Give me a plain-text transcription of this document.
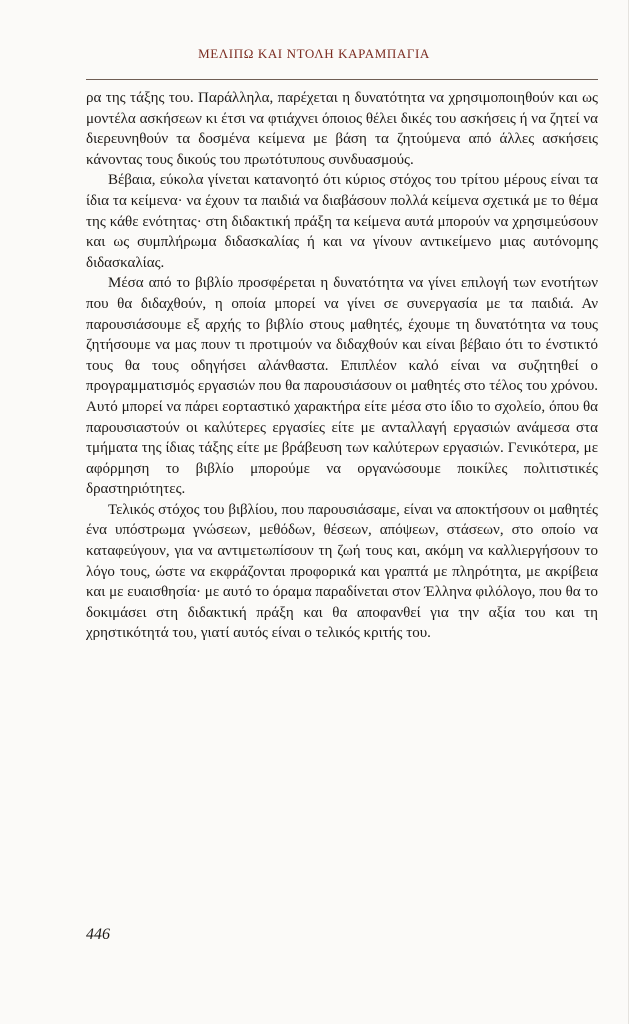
ΜΕΛΙΠΩ ΚΑΙ ΝΤΟΛΗ ΚΑΡΑΜΠΑΓΙΑ

ρα της τάξης του. Παράλληλα, παρέχεται η δυνατότητα να χρησιμοποιηθούν και ως μοντέλα ασκήσεων κι έτσι να φτιάχνει όποιος θέλει δικές του ασκήσεις ή να ζητεί να διερευνηθούν τα δοσμένα κείμενα με βάση τα ζητούμενα από άλλες ασκήσεις κάνοντας τους δικούς του πρωτότυπους συνδυασμούς.

Βέβαια, εύκολα γίνεται κατανοητό ότι κύριος στόχος του τρίτου μέρους είναι τα ίδια τα κείμενα· να έχουν τα παιδιά να διαβάσουν πολλά κείμενα σχετικά με το θέμα της κάθε ενότητας· στη διδακτική πράξη τα κείμενα αυτά μπορούν να χρησιμεύσουν και ως συμπλήρωμα διδασκαλίας ή και να γίνουν αντικείμενο μιας αυτόνομης διδασκαλίας.

Μέσα από το βιβλίο προσφέρεται η δυνατότητα να γίνει επιλογή των ενοτήτων που θα διδαχθούν, η οποία μπορεί να γίνει σε συνεργασία με τα παιδιά. Αν παρουσιάσουμε εξ αρχής το βιβλίο στους μαθητές, έχουμε τη δυνατότητα να τους ζητήσουμε να μας πουν τι προτιμούν να διδαχθούν και είναι βέβαιο ότι το ένστικτό τους θα τους οδηγήσει αλάνθαστα. Επιπλέον καλό είναι να συζητηθεί ο προγραμματισμός εργασιών που θα παρουσιάσουν οι μαθητές στο τέλος του χρόνου. Αυτό μπορεί να πάρει εορταστικό χαρακτήρα είτε μέσα στο ίδιο το σχολείο, όπου θα παρουσιαστούν οι καλύτερες εργασίες είτε με ανταλλαγή εργασιών ανάμεσα στα τμήματα της ίδιας τάξης είτε με βράβευση των καλύτερων εργασιών. Γενικότερα, με αφόρμηση το βιβλίο μπορούμε να οργανώσουμε ποικίλες πολιτιστικές δραστηριότητες.

Τελικός στόχος του βιβλίου, που παρουσιάσαμε, είναι να αποκτήσουν οι μαθητές ένα υπόστρωμα γνώσεων, μεθόδων, θέσεων, απόψεων, στάσεων, στο οποίο να καταφεύγουν, για να αντιμετωπίσουν τη ζωή τους και, ακόμη να καλλιεργήσουν το λόγο τους, ώστε να εκφράζονται προφορικά και γραπτά με πληρότητα, με ακρίβεια και με ευαισθησία· με αυτό το όραμα παραδίνεται στον Έλληνα φιλόλογο, που θα το δοκιμάσει στη διδακτική πράξη και θα αποφανθεί για την αξία του και τη χρηστικότητά του, γιατί αυτός είναι ο τελικός κριτής του.

446
